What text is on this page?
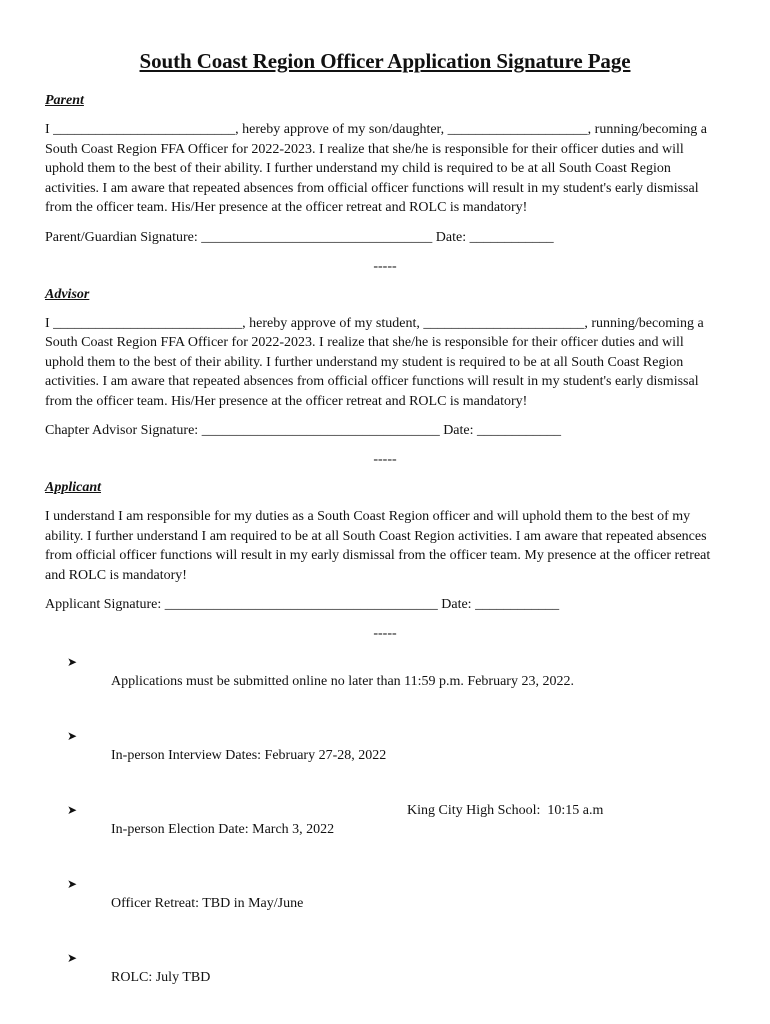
South Coast Region Officer Application Signature Page
Parent
I __________________________, hereby approve of my son/daughter, ____________________, running/becoming a South Coast Region FFA Officer for 2022-2023. I realize that she/he is responsible for their officer duties and will uphold them to the best of their ability. I further understand my child is required to be at all South Coast Region activities. I am aware that repeated absences from official officer functions will result in my student's early dismissal from the officer team. His/Her presence at the officer retreat and ROLC is mandatory!
Parent/Guardian Signature: _________________________________ Date: ____________
-----
Advisor
I ___________________________, hereby approve of my student, _______________________, running/becoming a South Coast Region FFA Officer for 2022-2023. I realize that she/he is responsible for their officer duties and will uphold them to the best of their ability. I further understand my student is required to be at all South Coast Region activities. I am aware that repeated absences from official officer functions will result in my student's early dismissal from the officer team. His/Her presence at the officer retreat and ROLC is mandatory!
Chapter Advisor Signature: __________________________________ Date: ____________
-----
Applicant
I understand I am responsible for my duties as a South Coast Region officer and will uphold them to the best of my ability. I further understand I am required to be at all South Coast Region activities. I am aware that repeated absences from official officer functions will result in my early dismissal from the officer team. My presence at the officer retreat and ROLC is mandatory!
Applicant Signature: _______________________________________ Date: ____________
-----

➤
Applications must be submitted online no later than 11:59 p.m. February 23, 2022.

➤
In-person Interview Dates: February 27-28, 2022

➤
In-person Election Date: March 3, 2022
King City High School:  10:15 a.m

➤
Officer Retreat: TBD in May/June

➤
ROLC: July TBD
